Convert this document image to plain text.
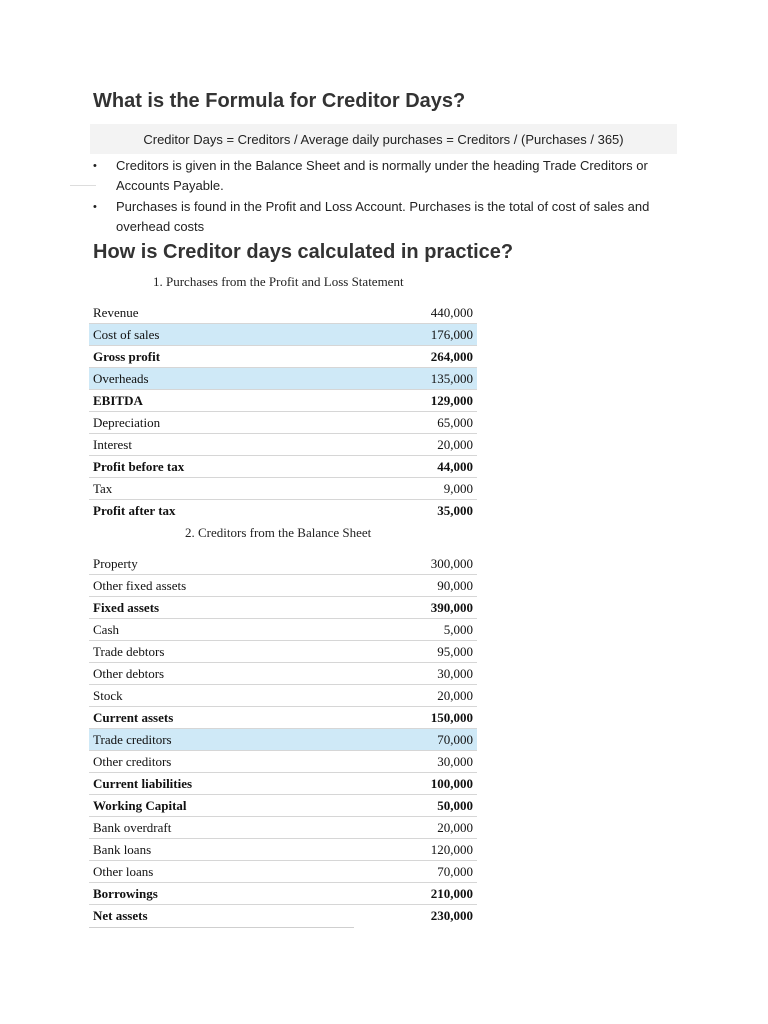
What is the Formula for Creditor Days?
Creditor Days = Creditors / Average daily purchases = Creditors / (Purchases / 365)
• Creditors is given in the Balance Sheet and is normally under the heading Trade Creditors or Accounts Payable.
• Purchases is found in the Profit and Loss Account. Purchases is the total of cost of sales and overhead costs
How is Creditor days calculated in practice?
1. Purchases from the Profit and Loss Statement
Revenue	440,000
Cost of sales	176,000
Gross profit	264,000
Overheads	135,000
EBITDA	129,000
Depreciation	65,000
Interest	20,000
Profit before tax	44,000
Tax	9,000
Profit after tax	35,000
2. Creditors from the Balance Sheet
Property	300,000
Other fixed assets	90,000
Fixed assets	390,000
Cash	5,000
Trade debtors	95,000
Other debtors	30,000
Stock	20,000
Current assets	150,000
Trade creditors	70,000
Other creditors	30,000
Current liabilities	100,000
Working Capital	50,000
Bank overdraft	20,000
Bank loans	120,000
Other loans	70,000
Borrowings	210,000
Net assets	230,000
